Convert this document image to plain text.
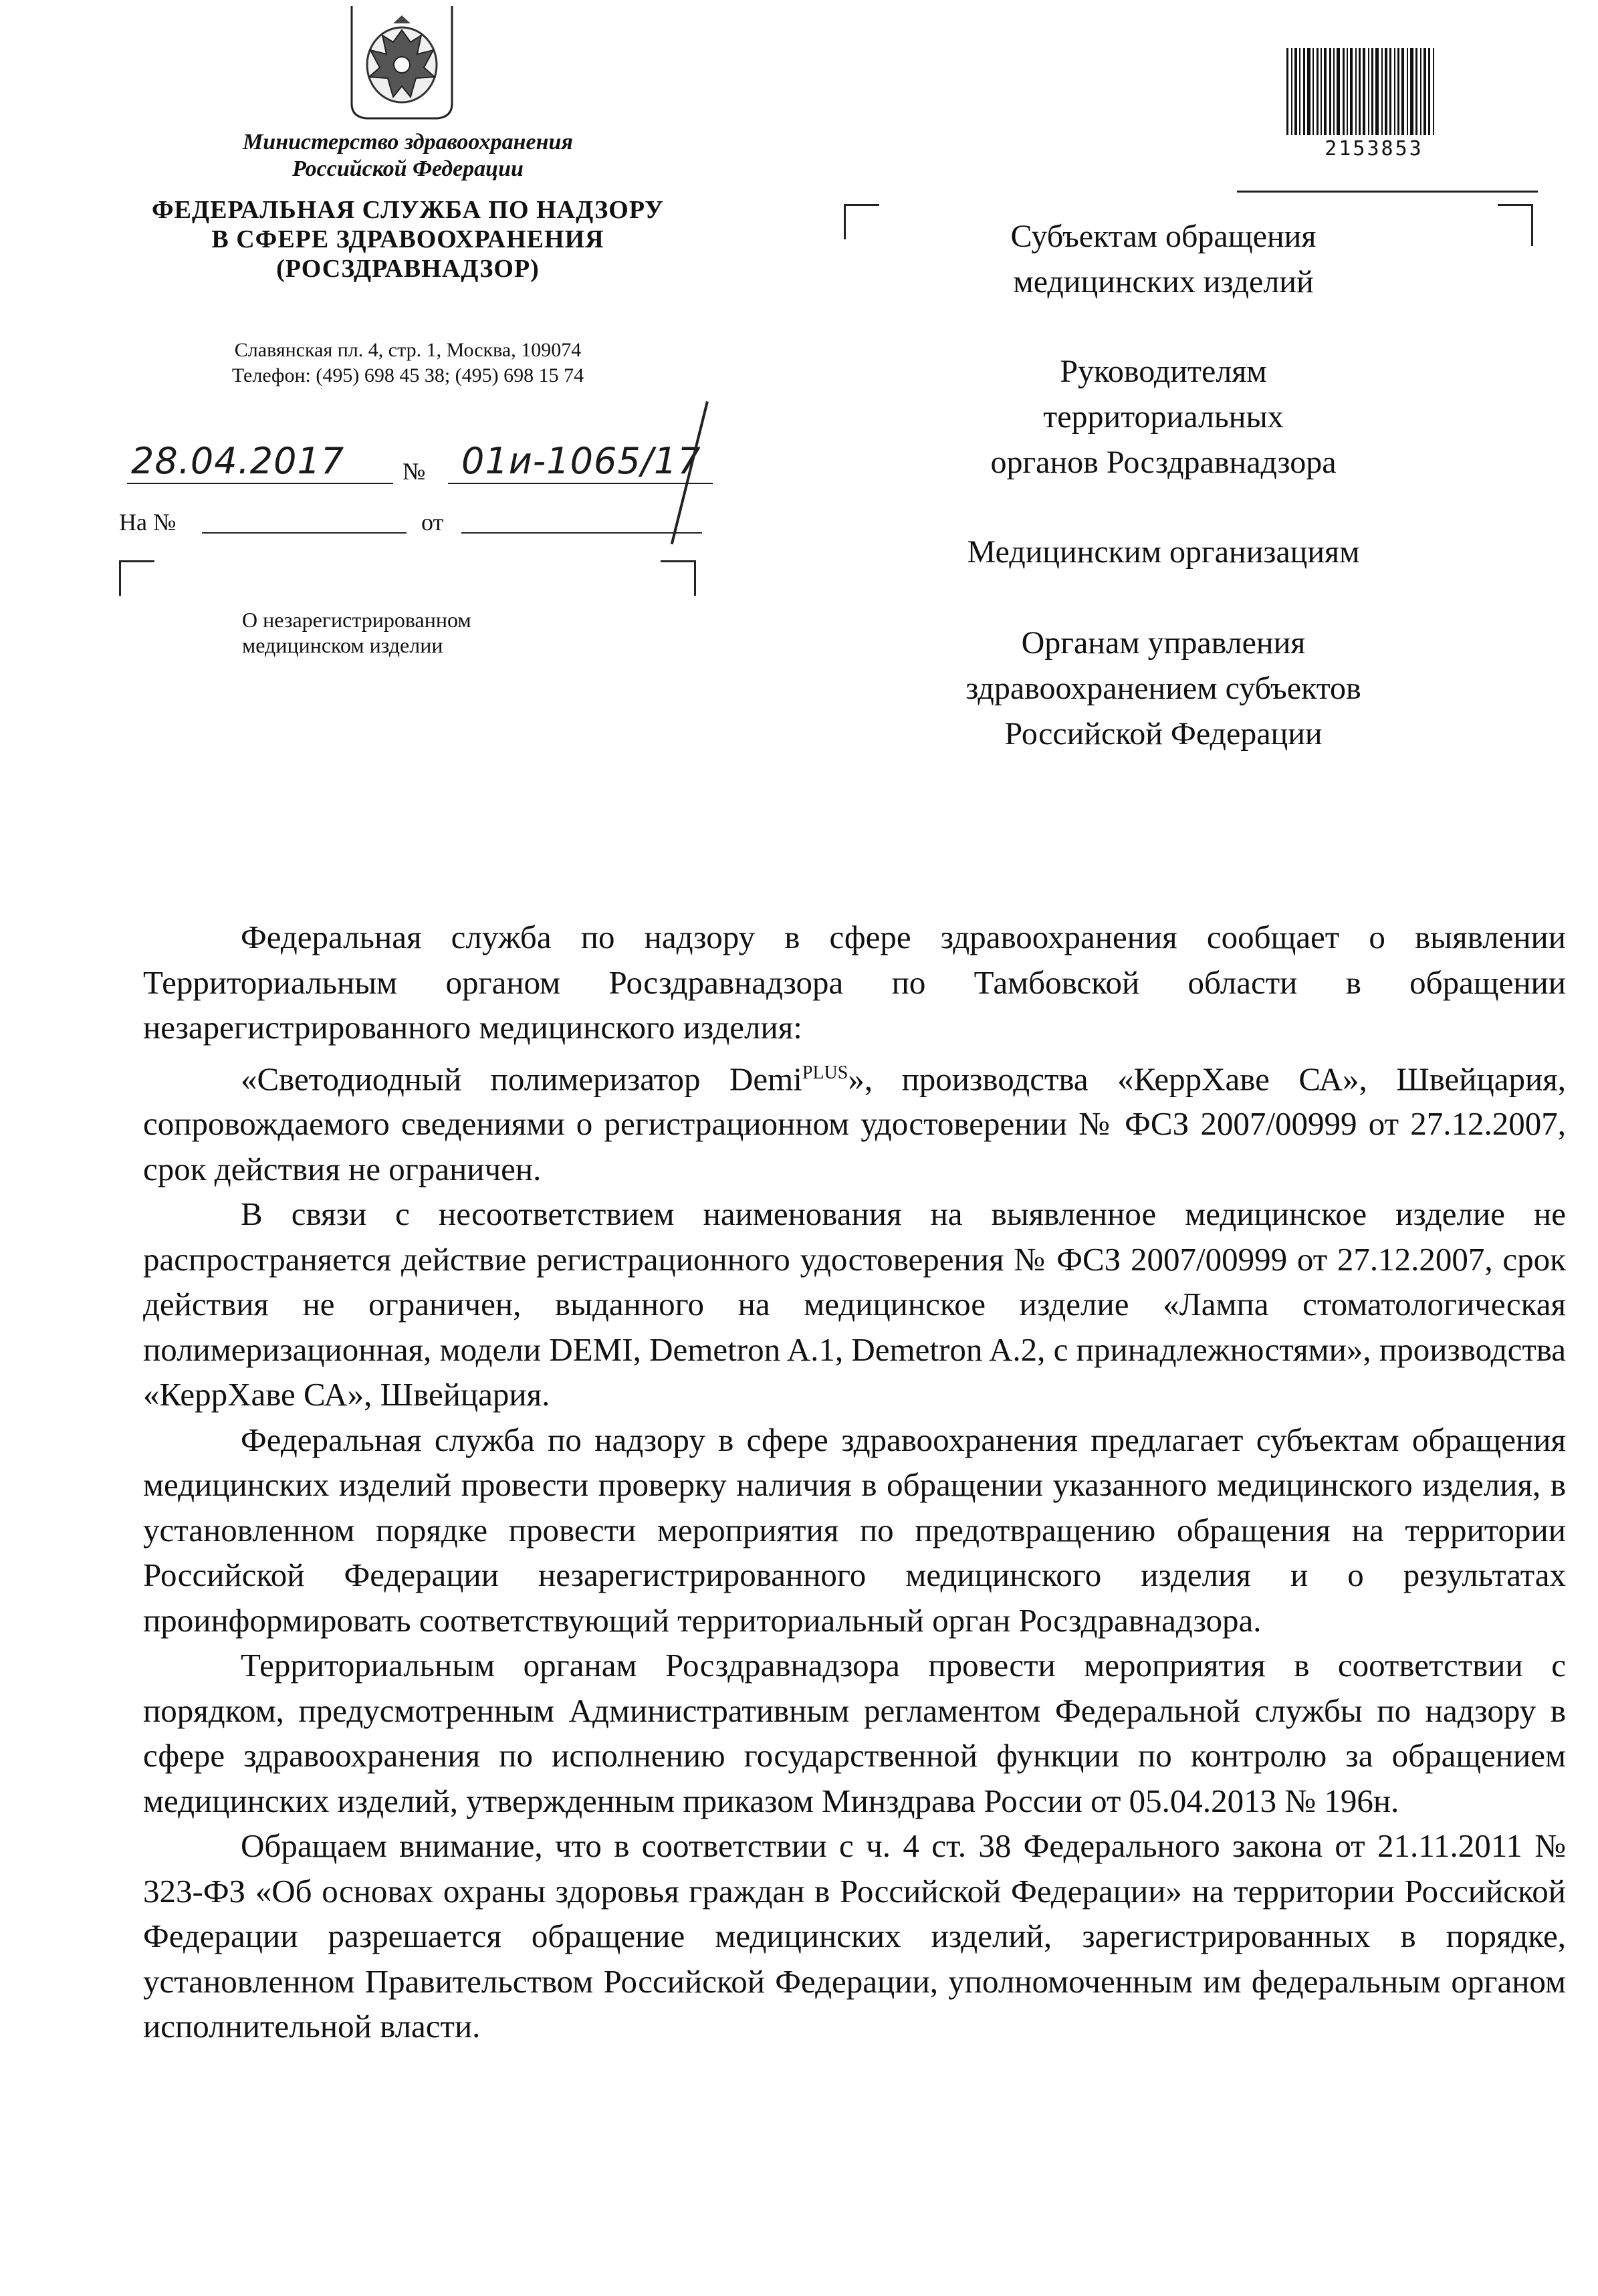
Министерство здравоохранения
Российской Федерации
ФЕДЕРАЛЬНАЯ СЛУЖБА ПО НАДЗОРУ
В СФЕРЕ ЗДРАВООХРАНЕНИЯ
(РОСЗДРАВНАДЗОР)
Славянская пл. 4, стр. 1, Москва, 109074
Телефон: (495) 698 45 38; (495) 698 15 74
28.04.2017 № 01и-1065/17
На №	от
О незарегистрированном
медицинском изделии
2153853
Субъектам обращения
медицинских изделий
Руководителям
территориальных
органов Росздравнадзора
Медицинским организациям
Органам управления
здравоохранением субъектов
Российской Федерации

Федеральная служба по надзору в сфере здравоохранения сообщает о выявлении Территориальным органом Росздравнадзора по Тамбовской области в обращении незарегистрированного медицинского изделия:

«Светодиодный полимеризатор Demi$^{PLUS}$», производства «КеррХаве СА», Швейцария, сопровождаемого сведениями о регистрационном удостоверении № ФСЗ 2007/00999 от 27.12.2007, срок действия не ограничен.

В связи с несоответствием наименования на выявленное медицинское изделие не распространяется действие регистрационного удостоверения № ФСЗ 2007/00999 от 27.12.2007, срок действия не ограничен, выданного на медицинское изделие «Лампа стоматологическая полимеризационная, модели DEMI, Demetron A.1, Demetron A.2, с принадлежностями», производства «КеррХаве СА», Швейцария.

Федеральная служба по надзору в сфере здравоохранения предлагает субъектам обращения медицинских изделий провести проверку наличия в обращении указанного медицинского изделия, в установленном порядке провести мероприятия по предотвращению обращения на территории Российской Федерации незарегистрированного медицинского изделия и о результатах проинформировать соответствующий территориальный орган Росздравнадзора.

Территориальным органам Росздравнадзора провести мероприятия в соответствии с порядком, предусмотренным Административным регламентом Федеральной службы по надзору в сфере здравоохранения по исполнению государственной функции по контролю за обращением медицинских изделий, утвержденным приказом Минздрава России от 05.04.2013 № 196н.

Обращаем внимание, что в соответствии с ч. 4 ст. 38 Федерального закона от 21.11.2011 № 323-ФЗ «Об основах охраны здоровья граждан в Российской Федерации» на территории Российской Федерации разрешается обращение медицинских изделий, зарегистрированных в порядке, установленном Правительством Российской Федерации, уполномоченным им федеральным органом исполнительной власти.
